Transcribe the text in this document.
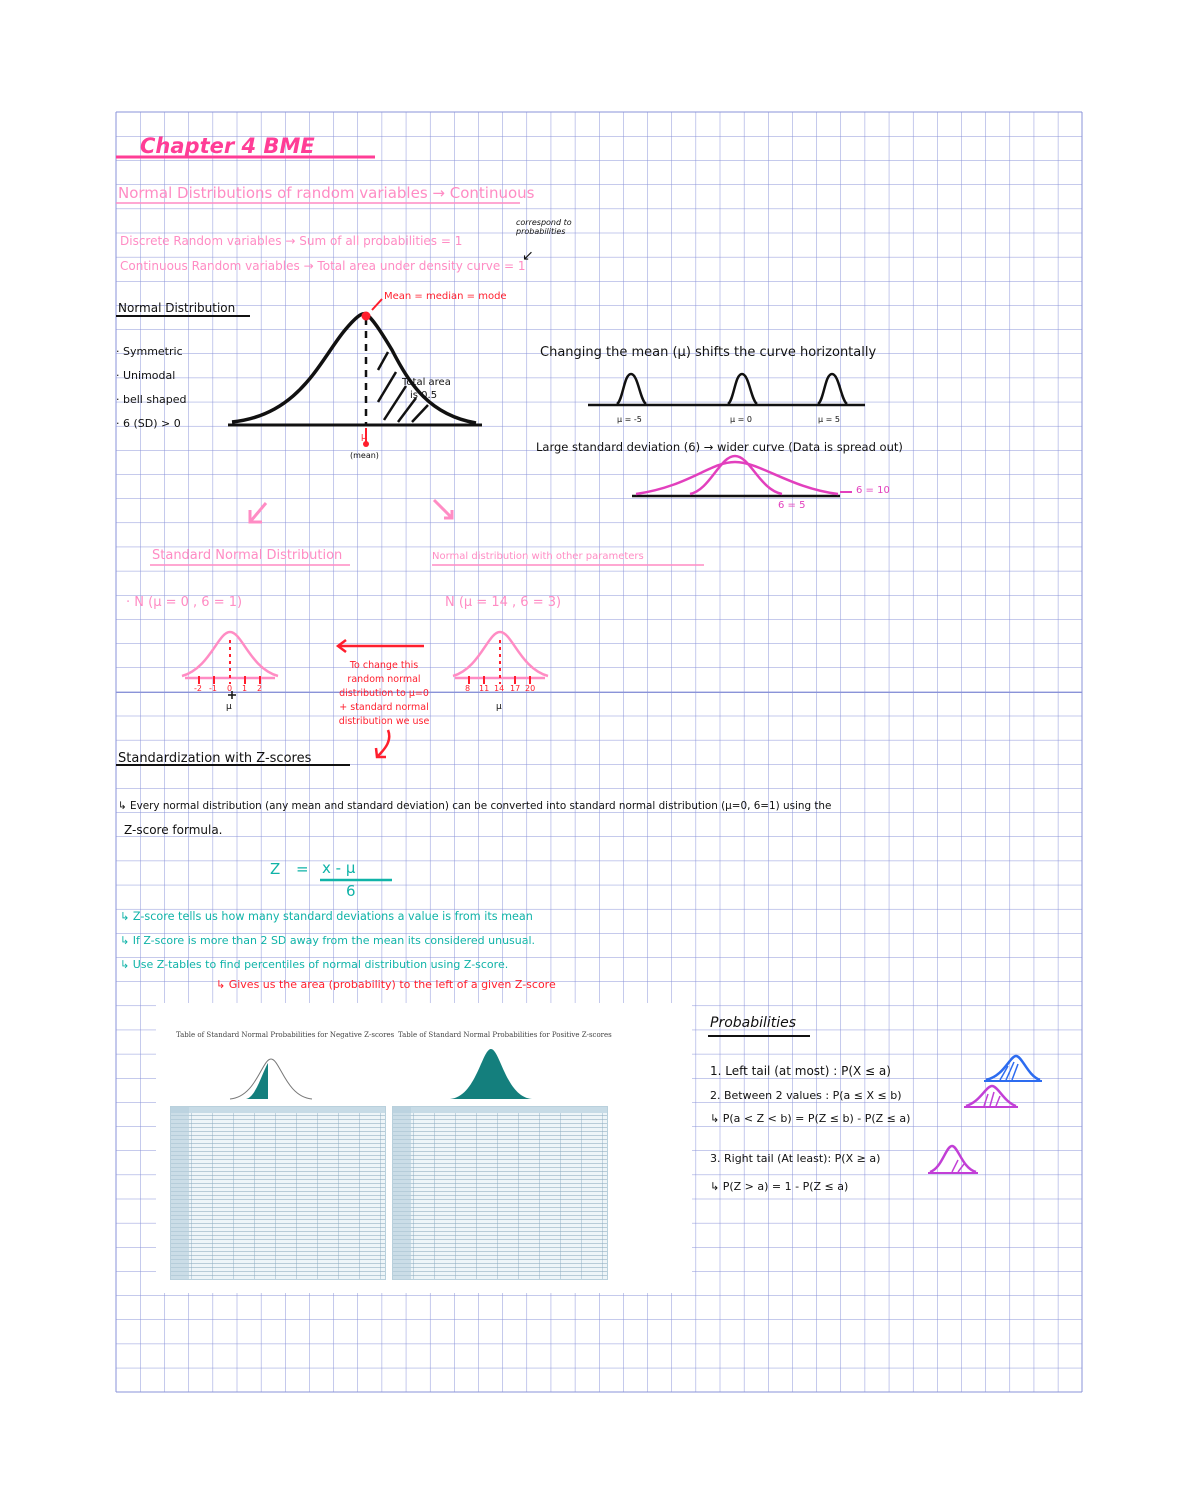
Chapter 4 BME
Normal Distributions of random variables → Continuous
Discrete Random variables → Sum of all probabilities = 1
Continuous Random variables → Total area under density curve = 1
correspond to probabilities
↙
Normal Distribution
· Symmetric
· Unimodal
· bell shaped
· 6 (SD) > 0
Mean = median = mode
Total area
is 0.5
μ
(mean)
Changing the mean (μ) shifts the curve horizontally
μ = -5	μ = 0	μ = 5
Large standard deviation (6) → wider curve (Data is spread out)
6 = 10
6 = 5
Standard Normal Distribution	Normal distribution with other parameters
· N (μ = 0 , 6 = 1)	N (μ = 14 , 6 = 3)
-2 -1 0 1 2
μ
8 11 14 17 20
μ
To change this
random normal
distribution to μ=0
+ standard normal
distribution we use
Standardization with Z-scores
↳ Every normal distribution (any mean and standard deviation) can be converted into standard normal distribution (μ=0, 6=1) using the
Z-score formula.
Z = x - μ
6
↳ Z-score tells us how many standard deviations a value is from its mean
↳ If Z-score is more than 2 SD away from the mean its considered unusual.
↳ Use Z-tables to find percentiles of normal distribution using Z-score.
↳ Gives us the area (probability) to the left of a given Z-score
Table of Standard Normal Probabilities for Negative Z-scores Table of Standard Normal Probabilities for Positive Z-scores
Probabilities
1. Left tail (at most) : P(X ≤ a)
2. Between 2 values : P(a ≤ X ≤ b)
↳ P(a < Z < b) = P(Z ≤ b) - P(Z ≤ a)
3. Right tail (At least): P(X ≥ a)
↳ P(Z > a) = 1 - P(Z ≤ a)
